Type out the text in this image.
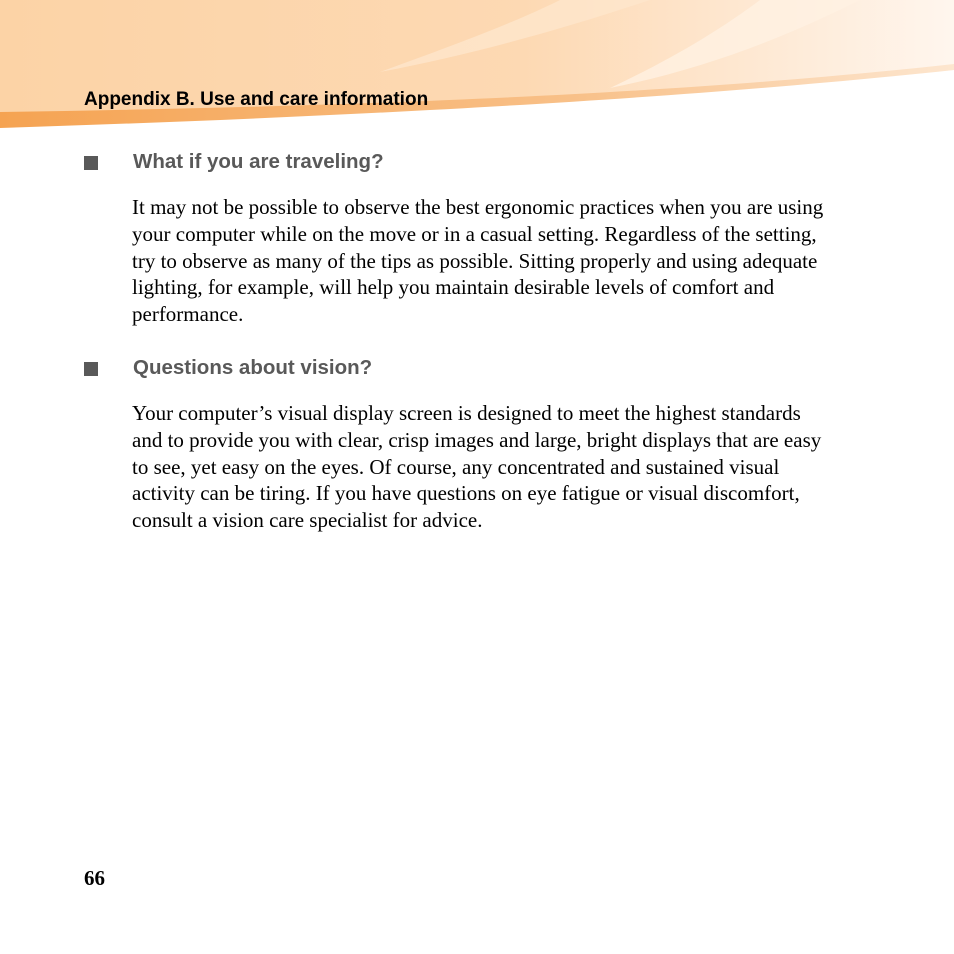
Appendix B. Use and care information
What if you are traveling?
It may not be possible to observe the best ergonomic practices when you are using your computer while on the move or in a casual setting. Regardless of the setting, try to observe as many of the tips as possible. Sitting properly and using adequate lighting, for example, will help you maintain desirable levels of comfort and performance.
Questions about vision?
Your computer’s visual display screen is designed to meet the highest standards and to provide you with clear, crisp images and large, bright displays that are easy to see, yet easy on the eyes. Of course, any concentrated and sustained visual activity can be tiring. If you have questions on eye fatigue or visual discomfort, consult a vision care specialist for advice.
66
